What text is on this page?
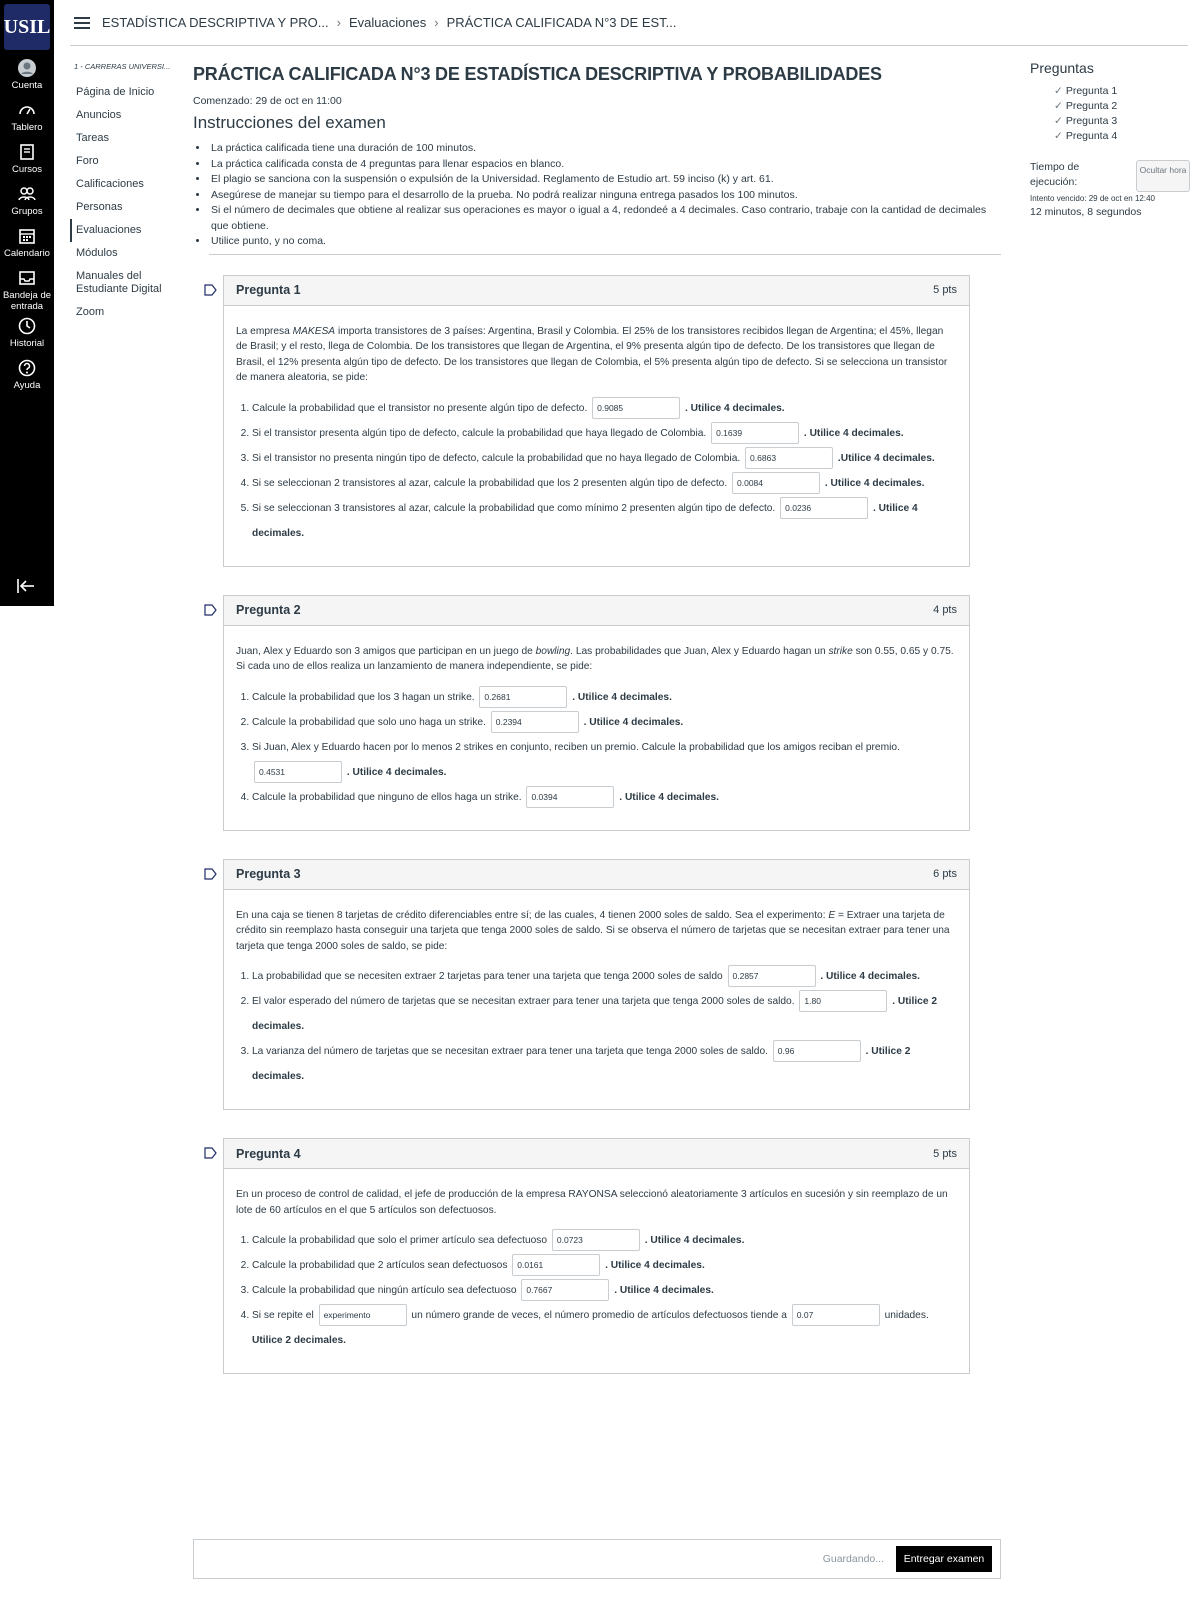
USIL
Cuenta
Tablero
Cursos
Grupos
Calendario
Bandeja de entrada
Historial
Ayuda
ESTADÍSTICA DESCRIPTIVA Y PRO... › Evaluaciones › PRÁCTICA CALIFICADA N°3 DE EST...
1 - CARRERAS UNIVERSI...
Página de Inicio
Anuncios
Tareas
Foro
Calificaciones
Personas
Evaluaciones
Módulos
Manuales del Estudiante Digital
Zoom
PRÁCTICA CALIFICADA N°3 DE ESTADÍSTICA DESCRIPTIVA Y PROBABILIDADES
Comenzado: 29 de oct en 11:00
Instrucciones del examen
• La práctica calificada tiene una duración de 100 minutos.
• La práctica calificada consta de 4 preguntas para llenar espacios en blanco.
• El plagio se sanciona con la suspensión o expulsión de la Universidad. Reglamento de Estudio art. 59 inciso (k) y art. 61.
• Asegúrese de manejar su tiempo para el desarrollo de la prueba. No podrá realizar ninguna entrega pasados los 100 minutos.
• Si el número de decimales que obtiene al realizar sus operaciones es mayor o igual a 4, redondeé a 4 decimales. Caso contrario, trabaje con la cantidad de decimales que obtiene.
• Utilice punto, y no coma.
Pregunta 1	5 pts

La empresa MAKESA importa transistores de 3 países: Argentina, Brasil y Colombia. El 25% de los transistores recibidos llegan de Argentina; el 45%, llegan de Brasil; y el resto, llega de Colombia. De los transistores que llegan de Argentina, el 9% presenta algún tipo de defecto. De los transistores que llegan de Brasil, el 12% presenta algún tipo de defecto. De los transistores que llegan de Colombia, el 5% presenta algún tipo de defecto. Si se selecciona un transistor de manera aleatoria, se pide:

1. Calcule la probabilidad que el transistor no presente algún tipo de defecto. 0.9085	. Utilice 4 decimales.
2. Si el transistor presenta algún tipo de defecto, calcule la probabilidad que haya llegado de Colombia. 0.1639	. Utilice 4 decimales.
3. Si el transistor no presenta ningún tipo de defecto, calcule la probabilidad que no haya llegado de Colombia. 0.6863	.Utilice 4 decimales.
4. Si se seleccionan 2 transistores al azar, calcule la probabilidad que los 2 presenten algún tipo de defecto. 0.0084	. Utilice 4 decimales.
5. Si se seleccionan 3 transistores al azar, calcule la probabilidad que como mínimo 2 presenten algún tipo de defecto. 0.0236	. Utilice 4 decimales.
Pregunta 2	4 pts

Juan, Alex y Eduardo son 3 amigos que participan en un juego de bowling. Las probabilidades que Juan, Alex y Eduardo hagan un strike son 0.55, 0.65 y 0.75. Si cada uno de ellos realiza un lanzamiento de manera independiente, se pide:

1. Calcule la probabilidad que los 3 hagan un strike. 0.2681	. Utilice 4 decimales.
2. Calcule la probabilidad que solo uno haga un strike. 0.2394	. Utilice 4 decimales.
3. Si Juan, Alex y Eduardo hacen por lo menos 2 strikes en conjunto, reciben un premio. Calcule la probabilidad que los amigos reciban el premio. 0.4531	. Utilice 4 decimales.
4. Calcule la probabilidad que ninguno de ellos haga un strike. 0.0394	. Utilice 4 decimales.
Pregunta 3	6 pts

En una caja se tienen 8 tarjetas de crédito diferenciables entre sí; de las cuales, 4 tienen 2000 soles de saldo. Sea el experimento: E = Extraer una tarjeta de crédito sin reemplazo hasta conseguir una tarjeta que tenga 2000 soles de saldo. Si se observa el número de tarjetas que se necesitan extraer para tener una tarjeta que tenga 2000 soles de saldo, se pide:

1. La probabilidad que se necesiten extraer 2 tarjetas para tener una tarjeta que tenga 2000 soles de saldo 0.2857	. Utilice 4 decimales.
2. El valor esperado del número de tarjetas que se necesitan extraer para tener una tarjeta que tenga 2000 soles de saldo. 1.80	. Utilice 2 decimales.
3. La varianza del número de tarjetas que se necesitan extraer para tener una tarjeta que tenga 2000 soles de saldo. 0.96	. Utilice 2 decimales.
Pregunta 4	5 pts

En un proceso de control de calidad, el jefe de producción de la empresa RAYONSA seleccionó aleatoriamente 3 artículos en sucesión y sin reemplazo de un lote de 60 artículos en el que 5 artículos son defectuosos.

1. Calcule la probabilidad que solo el primer artículo sea defectuoso 0.0723	. Utilice 4 decimales.
2. Calcule la probabilidad que 2 artículos sean defectuosos 0.0161	. Utilice 4 decimales.
3. Calcule la probabilidad que ningún artículo sea defectuoso 0.7667	. Utilice 4 decimales.
4. Si se repite el experimento	un número grande de veces, el número promedio de artículos defectuosos tiende a 0.07	unidades. Utilice 2 decimales.
Preguntas
✓ Pregunta 1
✓ Pregunta 2
✓ Pregunta 3
✓ Pregunta 4
Tiempo de ejecución:
Ocultar hora
Intento vencido: 29 de oct en 12:40
12 minutos, 8 segundos
Guardando...	Entregar examen
